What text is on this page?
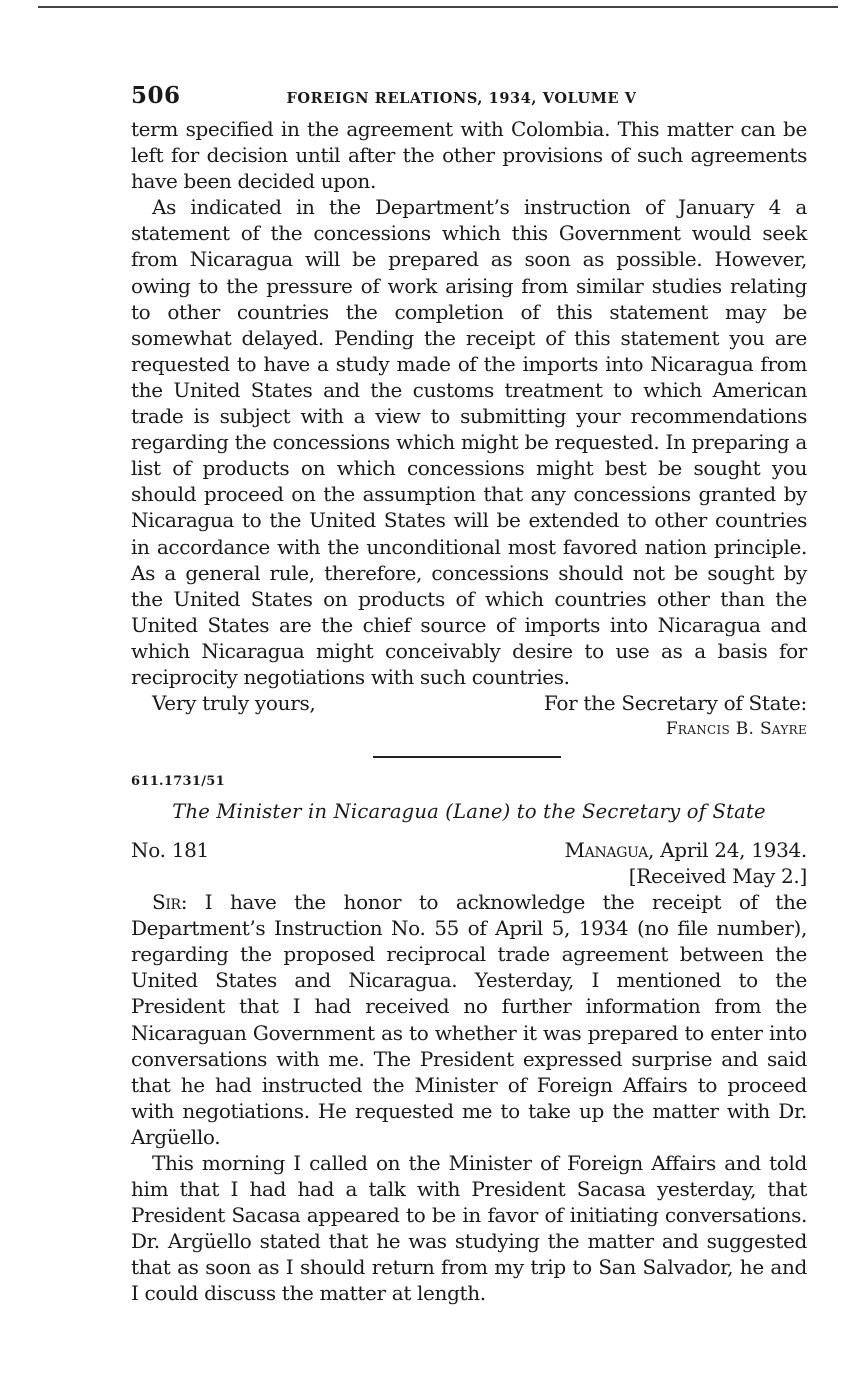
506	FOREIGN RELATIONS, 1934, VOLUME V

term specified in the agreement with Colombia. This matter can be left for decision until after the other provisions of such agreements have been decided upon.

As indicated in the Department’s instruction of January 4 a statement of the concessions which this Government would seek from Nicaragua will be prepared as soon as possible. However, owing to the pressure of work arising from similar studies relating to other countries the completion of this statement may be somewhat delayed. Pending the receipt of this statement you are requested to have a study made of the imports into Nicaragua from the United States and the customs treatment to which American trade is subject with a view to submitting your recommendations regarding the concessions which might be requested. In preparing a list of products on which concessions might best be sought you should proceed on the assumption that any concessions granted by Nicaragua to the United States will be extended to other countries in accordance with the unconditional most favored nation principle. As a general rule, therefore, concessions should not be sought by the United States on products of which countries other than the United States are the chief source of imports into Nicaragua and which Nicaragua might conceivably desire to use as a basis for reciprocity negotiations with such countries.

Very truly yours,	For the Secretary of State:
Francis B. Sayre
611.1731/51
The Minister in Nicaragua (Lane) to the Secretary of State
No. 181	Managua, April 24, 1934.
[Received May 2.]

Sir: I have the honor to acknowledge the receipt of the Department’s Instruction No. 55 of April 5, 1934 (no file number), regarding the proposed reciprocal trade agreement between the United States and Nicaragua. Yesterday, I mentioned to the President that I had received no further information from the Nicaraguan Government as to whether it was prepared to enter into conversations with me. The President expressed surprise and said that he had instructed the Minister of Foreign Affairs to proceed with negotiations. He requested me to take up the matter with Dr. Argüello.

This morning I called on the Minister of Foreign Affairs and told him that I had had a talk with President Sacasa yesterday, that President Sacasa appeared to be in favor of initiating conversations. Dr. Argüello stated that he was studying the matter and suggested that as soon as I should return from my trip to San Salvador, he and I could discuss the matter at length.
